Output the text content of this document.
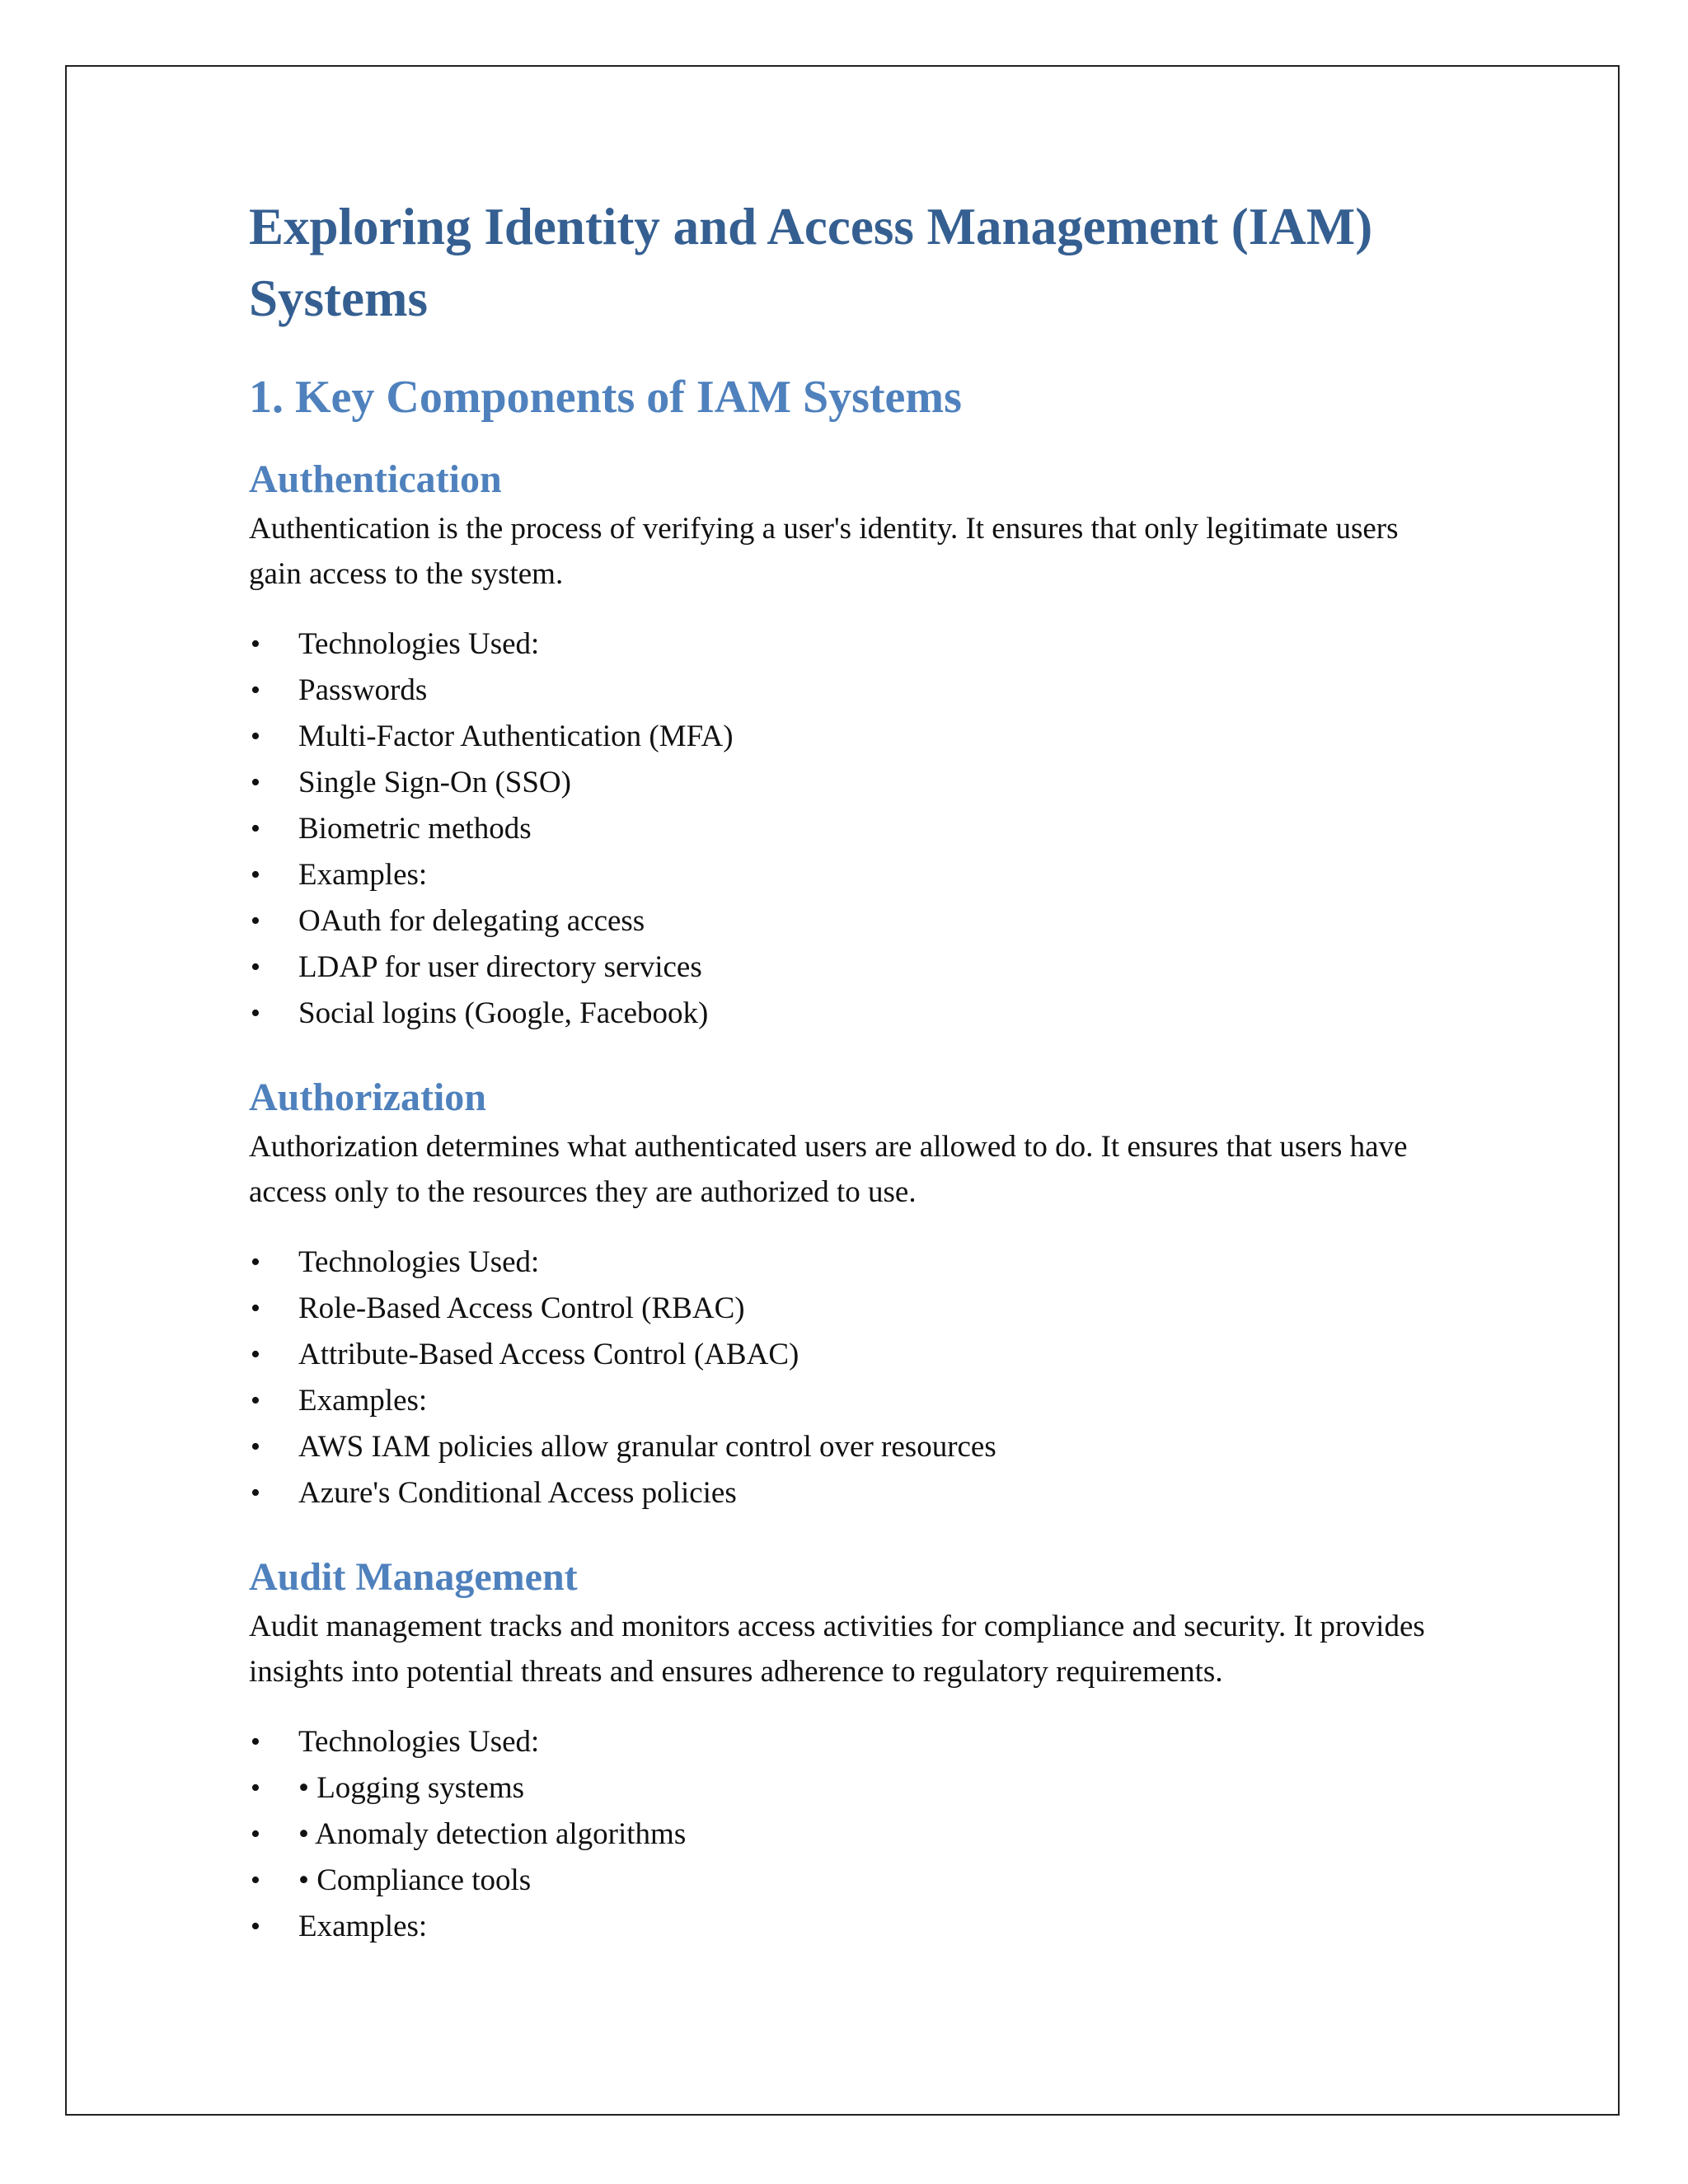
Exploring Identity and Access Management (IAM) Systems
1. Key Components of IAM Systems
Authentication

Authentication is the process of verifying a user's identity. It ensures that only legitimate users gain access to the system.

• Technologies Used:
• Passwords
• Multi-Factor Authentication (MFA)
• Single Sign-On (SSO)
• Biometric methods
• Examples:
• OAuth for delegating access
• LDAP for user directory services
• Social logins (Google, Facebook)
Authorization

Authorization determines what authenticated users are allowed to do. It ensures that users have access only to the resources they are authorized to use.

• Technologies Used:
• Role-Based Access Control (RBAC)
• Attribute-Based Access Control (ABAC)
• Examples:
• AWS IAM policies allow granular control over resources
• Azure's Conditional Access policies
Audit Management

Audit management tracks and monitors access activities for compliance and security. It provides insights into potential threats and ensures adherence to regulatory requirements.

• Technologies Used:
• • Logging systems
• • Anomaly detection algorithms
• • Compliance tools
• Examples:
